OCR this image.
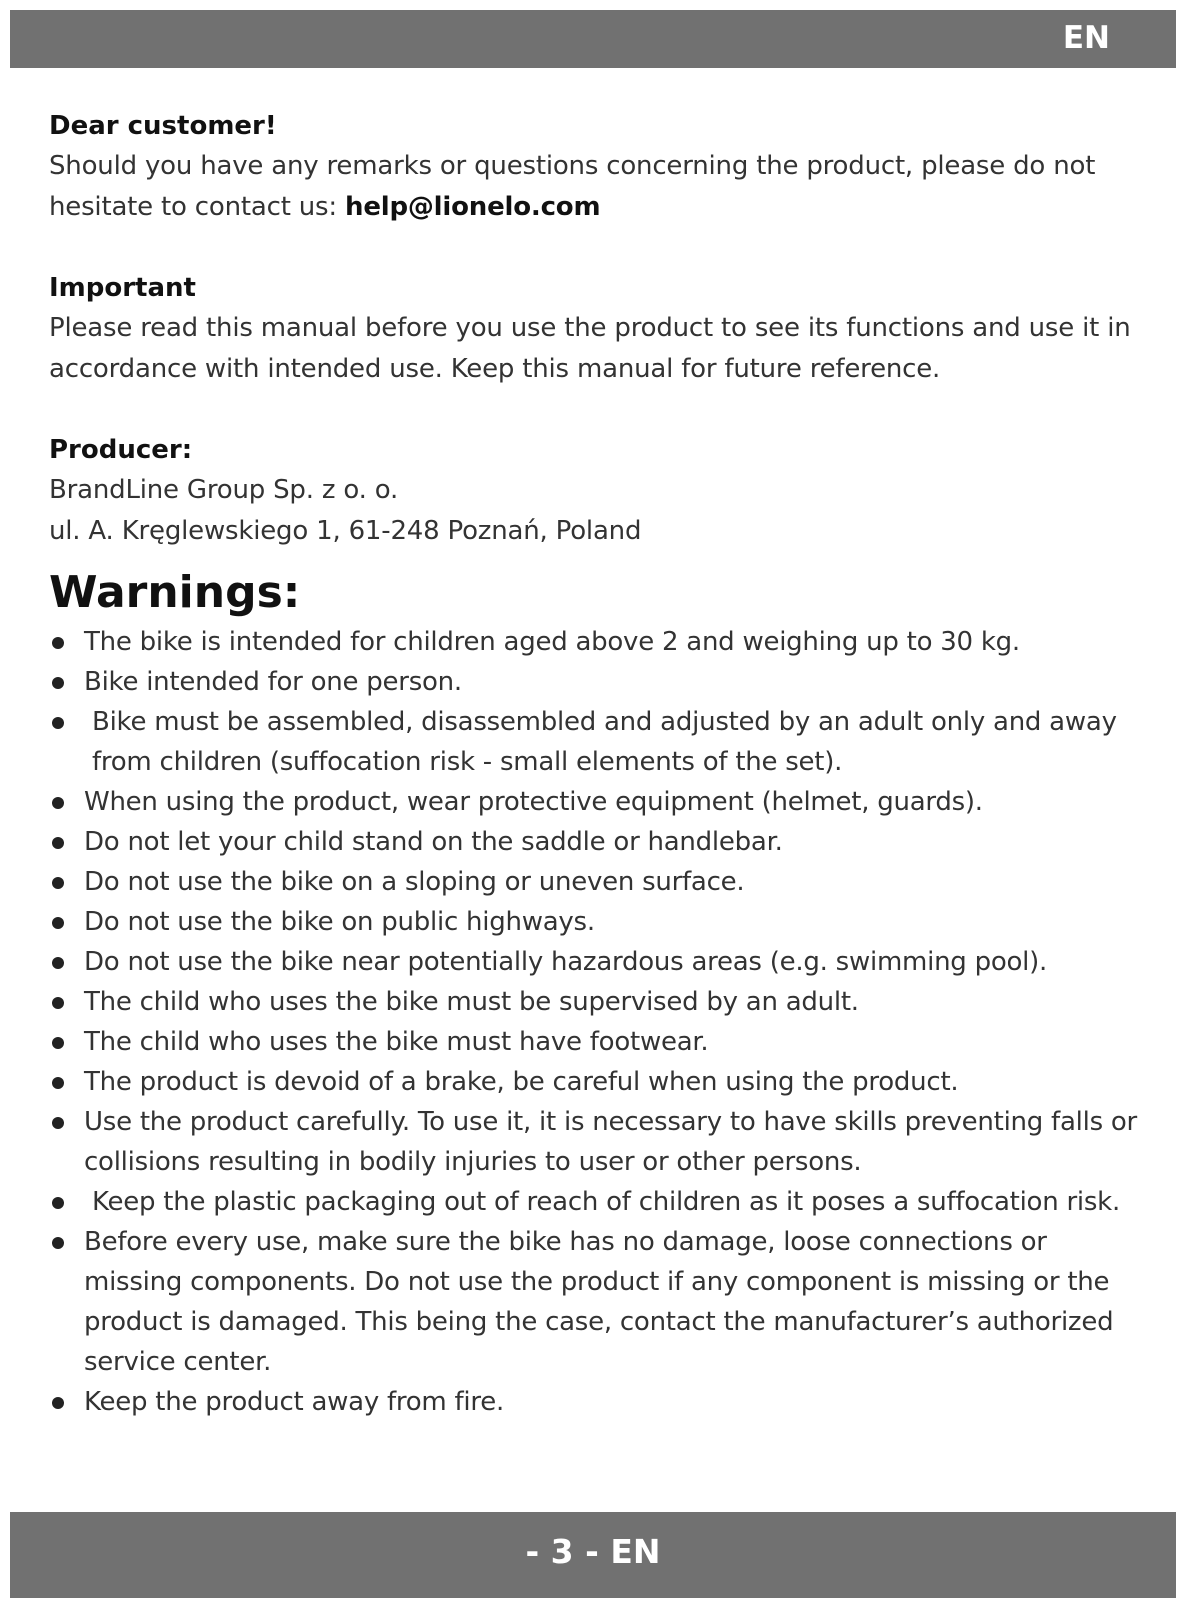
EN

Dear customer!

Should you have any remarks or questions concerning the product, please do not hesitate to contact us: help@lionelo.com

Important

Please read this manual before you use the product to see its functions and use it in accordance with intended use. Keep this manual for future reference.

Producer:

BrandLine Group Sp. z o. o.

ul. A. Kręglewskiego 1, 61-248 Poznań, Poland

Warnings:

The bike is intended for children aged above 2 and weighing up to 30 kg.
Bike intended for one person.
Bike must be assembled, disassembled and adjusted by an adult only and away from children (suffocation risk - small elements of the set).
When using the product, wear protective equipment (helmet, guards).
Do not let your child stand on the saddle or handlebar.
Do not use the bike on a sloping or uneven surface.
Do not use the bike on public highways.
Do not use the bike near potentially hazardous areas (e.g. swimming pool).
The child who uses the bike must be supervised by an adult.
The child who uses the bike must have footwear.
The product is devoid of a brake, be careful when using the product.
Use the product carefully. To use it, it is necessary to have skills preventing falls or collisions resulting in bodily injuries to user or other persons.
Keep the plastic packaging out of reach of children as it poses a suffocation risk.
Before every use, make sure the bike has no damage, loose connections or missing components. Do not use the product if any component is missing or the product is damaged. This being the case, contact the manufacturer’s authorized service center.
Keep the product away from fire.
- 3 - EN
